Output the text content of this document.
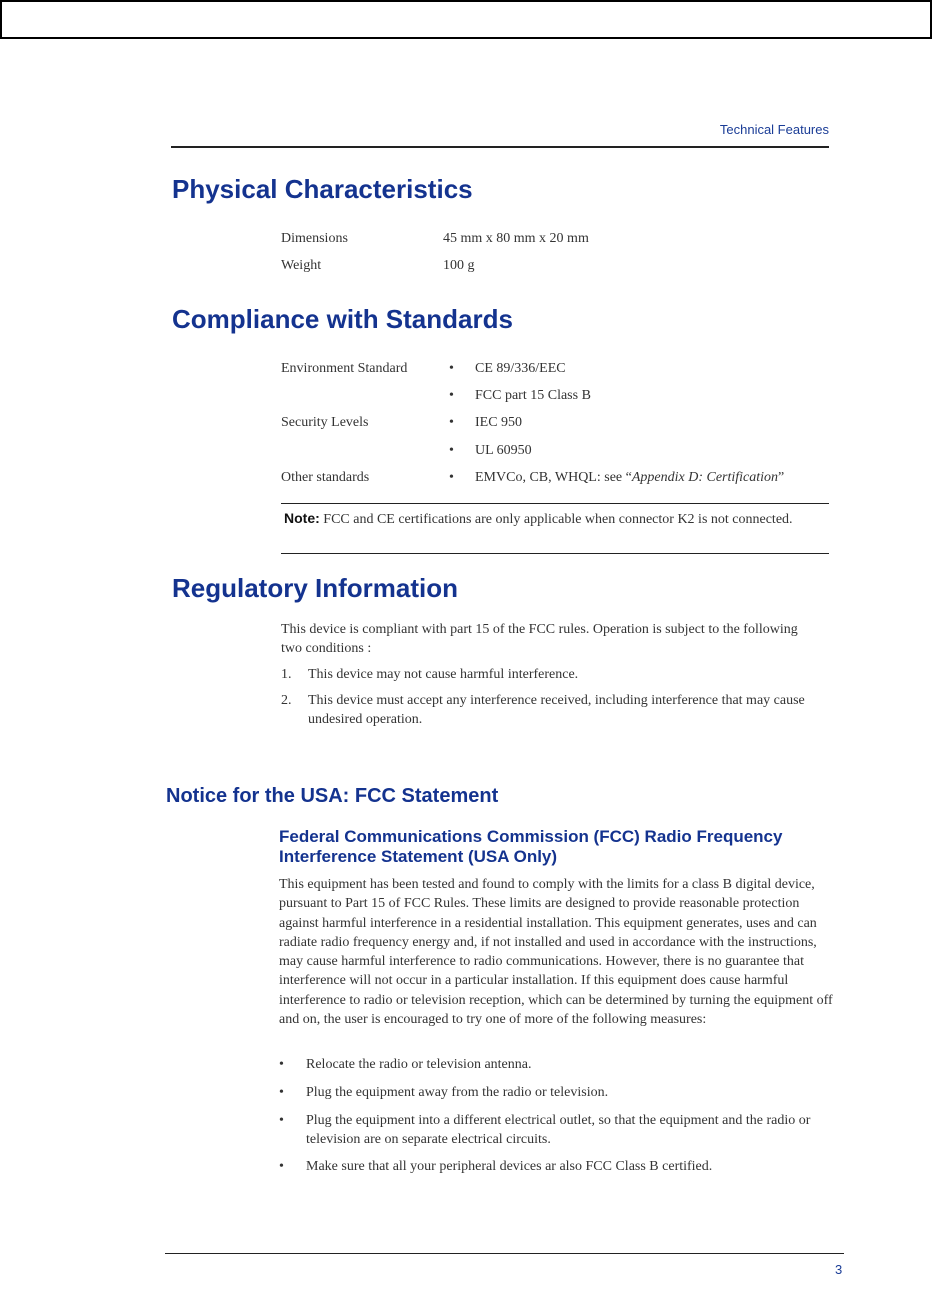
Technical Features
Physical Characteristics
Dimensions	45 mm x 80 mm x 20 mm
Weight	100 g
Compliance with Standards
Environment Standard	• CE 89/336/EEC
• FCC part 15 Class B
Security Levels	• IEC 950
• UL 60950
Other standards	• EMVCo, CB, WHQL: see “Appendix D: Certification”
Note: FCC and CE certifications are only applicable when connector K2 is not connected.
Regulatory Information

This device is compliant with part 15 of the FCC rules. Operation is subject to the following two conditions :

1. This device may not cause harmful interference.
2. This device must accept any interference received, including interference that may cause undesired operation.
Notice for the USA: FCC Statement
Federal Communications Commission (FCC) Radio Frequency Interference Statement (USA Only)

This equipment has been tested and found to comply with the limits for a class B digital device, pursuant to Part 15 of FCC Rules. These limits are designed to provide reasonable protection against harmful interference in a residential installation. This equipment generates, uses and can radiate radio frequency energy and, if not installed and used in accordance with the instructions, may cause harmful interference to radio communications. However, there is no guarantee that interference will not occur in a particular installation. If this equipment does cause harmful interference to radio or television reception, which can be determined by turning the equipment off and on, the user is encouraged to try one of more of the following measures:

• Relocate the radio or television antenna.
• Plug the equipment away from the radio or television.
• Plug the equipment into a different electrical outlet, so that the equipment and the radio or television are on separate electrical circuits.
• Make sure that all your peripheral devices ar also FCC Class B certified.
3
